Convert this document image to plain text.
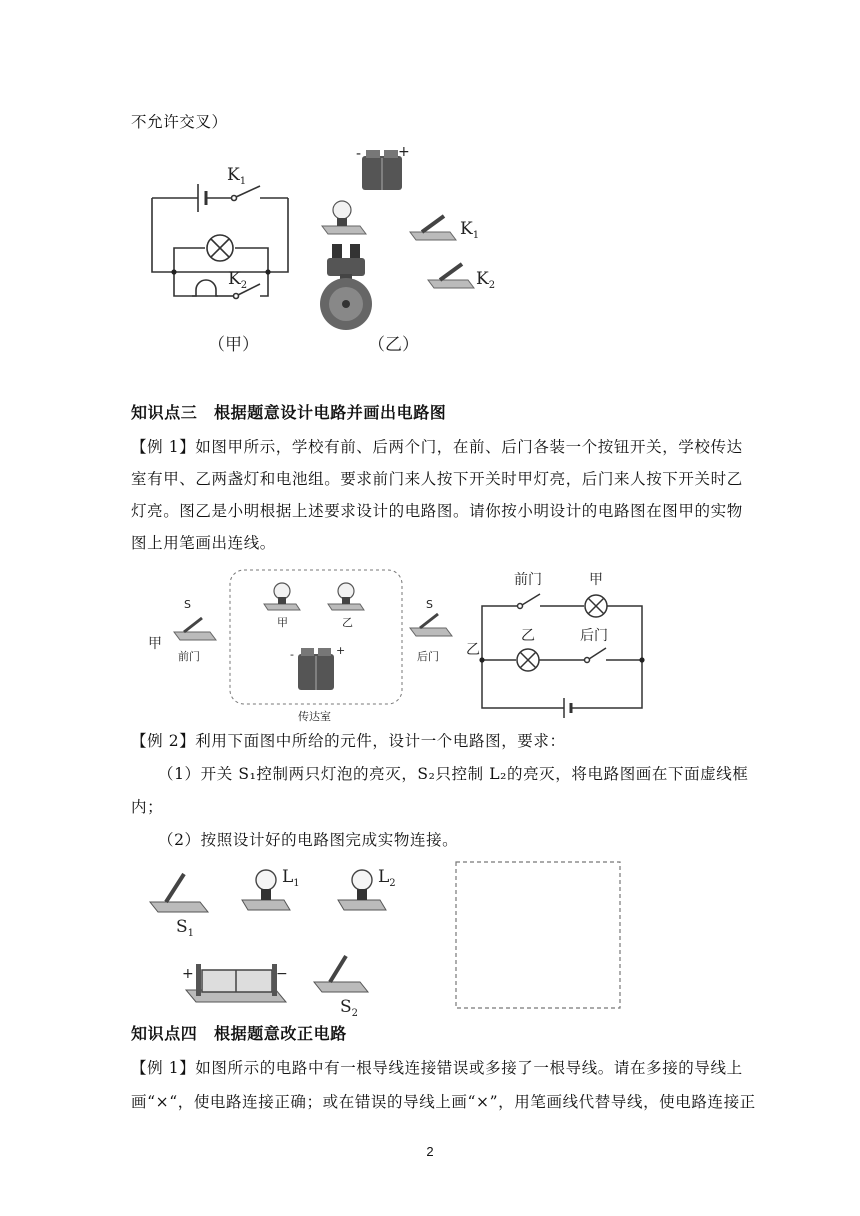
不允许交叉）
$K_1$
$K_2$
（甲）
-	+
$K_1$
$K_2$
（乙）
知识点三　根据题意设计电路并画出电路图
【例 1】如图甲所示，学校有前、后两个门，在前、后门各装一个按钮开关，学校传达
室有甲、乙两盏灯和电池组。要求前门来人按下开关时甲灯亮，后门来人按下开关时乙
灯亮。图乙是小明根据上述要求设计的电路图。请你按小明设计的电路图在图甲的实物
图上用笔画出连线。
S
甲
前门
甲	乙
-	+
传达室
S
后门
前门	甲
乙	后门
乙
【例 2】利用下面图中所给的元件，设计一个电路图，要求：
（1）开关 S₁控制两只灯泡的亮灭，S₂只控制 L₂的亮灭，将电路图画在下面虚线框
内；
（2）按照设计好的电路图完成实物连接。
$S_1$
$L_1$	$L_2$
+	−
$S_2$
知识点四　根据题意改正电路
【例 1】如图所示的电路中有一根导线连接错误或多接了一根导线。请在多接的导线上
画“×“，使电路连接正确；或在错误的导线上画“×”，用笔画线代替导线，使电路连接正
2
